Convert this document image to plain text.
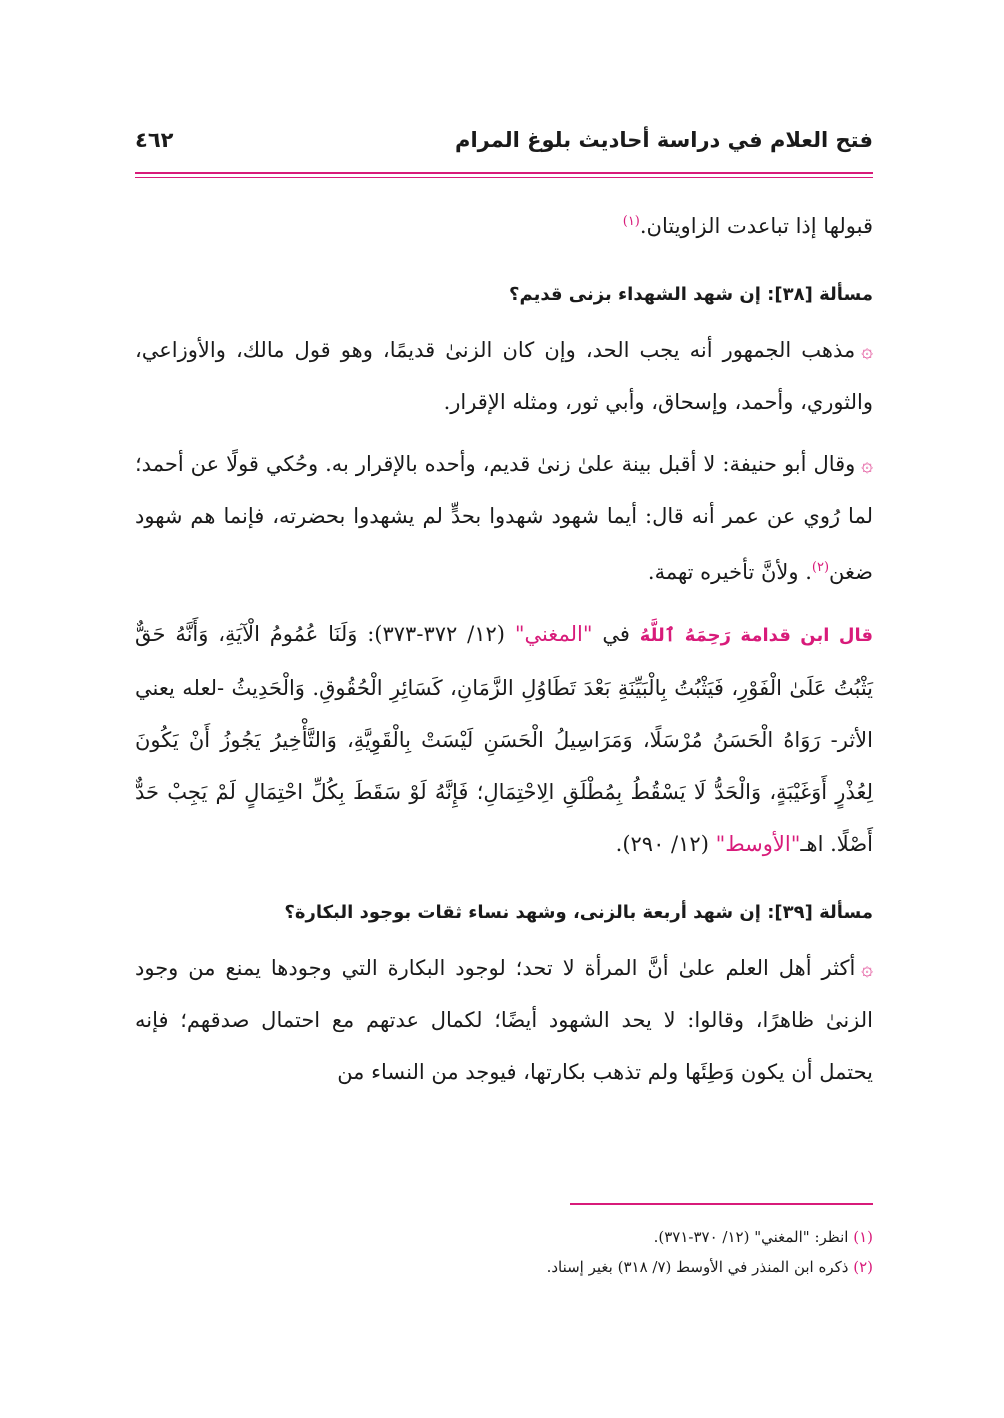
فتح العلام في دراسة أحاديث بلوغ المرام
٤٦٢

قبولها إذا تباعدت الزاويتان.$^{(١)}$

مسألة [٣٨]: إن شهد الشهداء بزنى قديم؟

۞مذهب الجمهور أنه يجب الحد، وإن كان الزنىٰ قديمًا، وهو قول مالك، والأوزاعي، والثوري، وأحمد، وإسحاق، وأبي ثور، ومثله الإقرار.

۞وقال أبو حنيفة: لا أقبل بينة علىٰ زنىٰ قديم، وأحده بالإقرار به. وحُكي قولًا عن أحمد؛ لما رُوي عن عمر أنه قال: أيما شهود شهدوا بحدٍّ لم يشهدوا بحضرته، فإنما هم شهود ضغن$^{(٢)}$. ولأنَّ تأخيره تهمة.

قال ابن قدامة رَحِمَهُ ٱللَّهُ في "المغني" (١٢/ ٣٧٢-٣٧٣): وَلَنَا عُمُومُ الْآيَةِ، وَأَنَّهُ حَقٌّ يَثْبُتُ عَلَىٰ الْفَوْرِ، فَيَثْبُتُ بِالْبَيِّنَةِ بَعْدَ تَطَاوُلِ الزَّمَانِ، كَسَائِرِ الْحُقُوقِ. وَالْحَدِيثُ -لعله يعني الأثر- رَوَاهُ الْحَسَنُ مُرْسَلًا، وَمَرَاسِيلُ الْحَسَنِ لَيْسَتْ بِالْقَوِيَّةِ، وَالتَّأْخِيرُ يَجُوزُ أَنْ يَكُونَ لِعُذْرٍ أَوَغَيْبَةٍ، وَالْحَدُّ لَا يَسْقُطُ بِمُطْلَقِ الِاحْتِمَالِ؛ فَإِنَّهُ لَوْ سَقَطَ بِكُلِّ احْتِمَالٍ لَمْ يَجِبْ حَدٌّ أَصْلًا. اهـ"الأوسط" (١٢/ ٢٩٠).

مسألة [٣٩]: إن شهد أربعة بالزنى، وشهد نساء ثقات بوجود البكارة؟

۞أكثر أهل العلم علىٰ أنَّ المرأة لا تحد؛ لوجود البكارة التي وجودها يمنع من وجود الزنىٰ ظاهرًا، وقالوا: لا يحد الشهود أيضًا؛ لكمال عدتهم مع احتمال صدقهم؛ فإنه يحتمل أن يكون وَطِئَها ولم تذهب بكارتها، فيوجد من النساء من

(١) انظر: "المغني" (١٢/ ٣٧٠-٣٧١).
(٢) ذكره ابن المنذر في الأوسط (٧/ ٣١٨) بغير إسناد.
